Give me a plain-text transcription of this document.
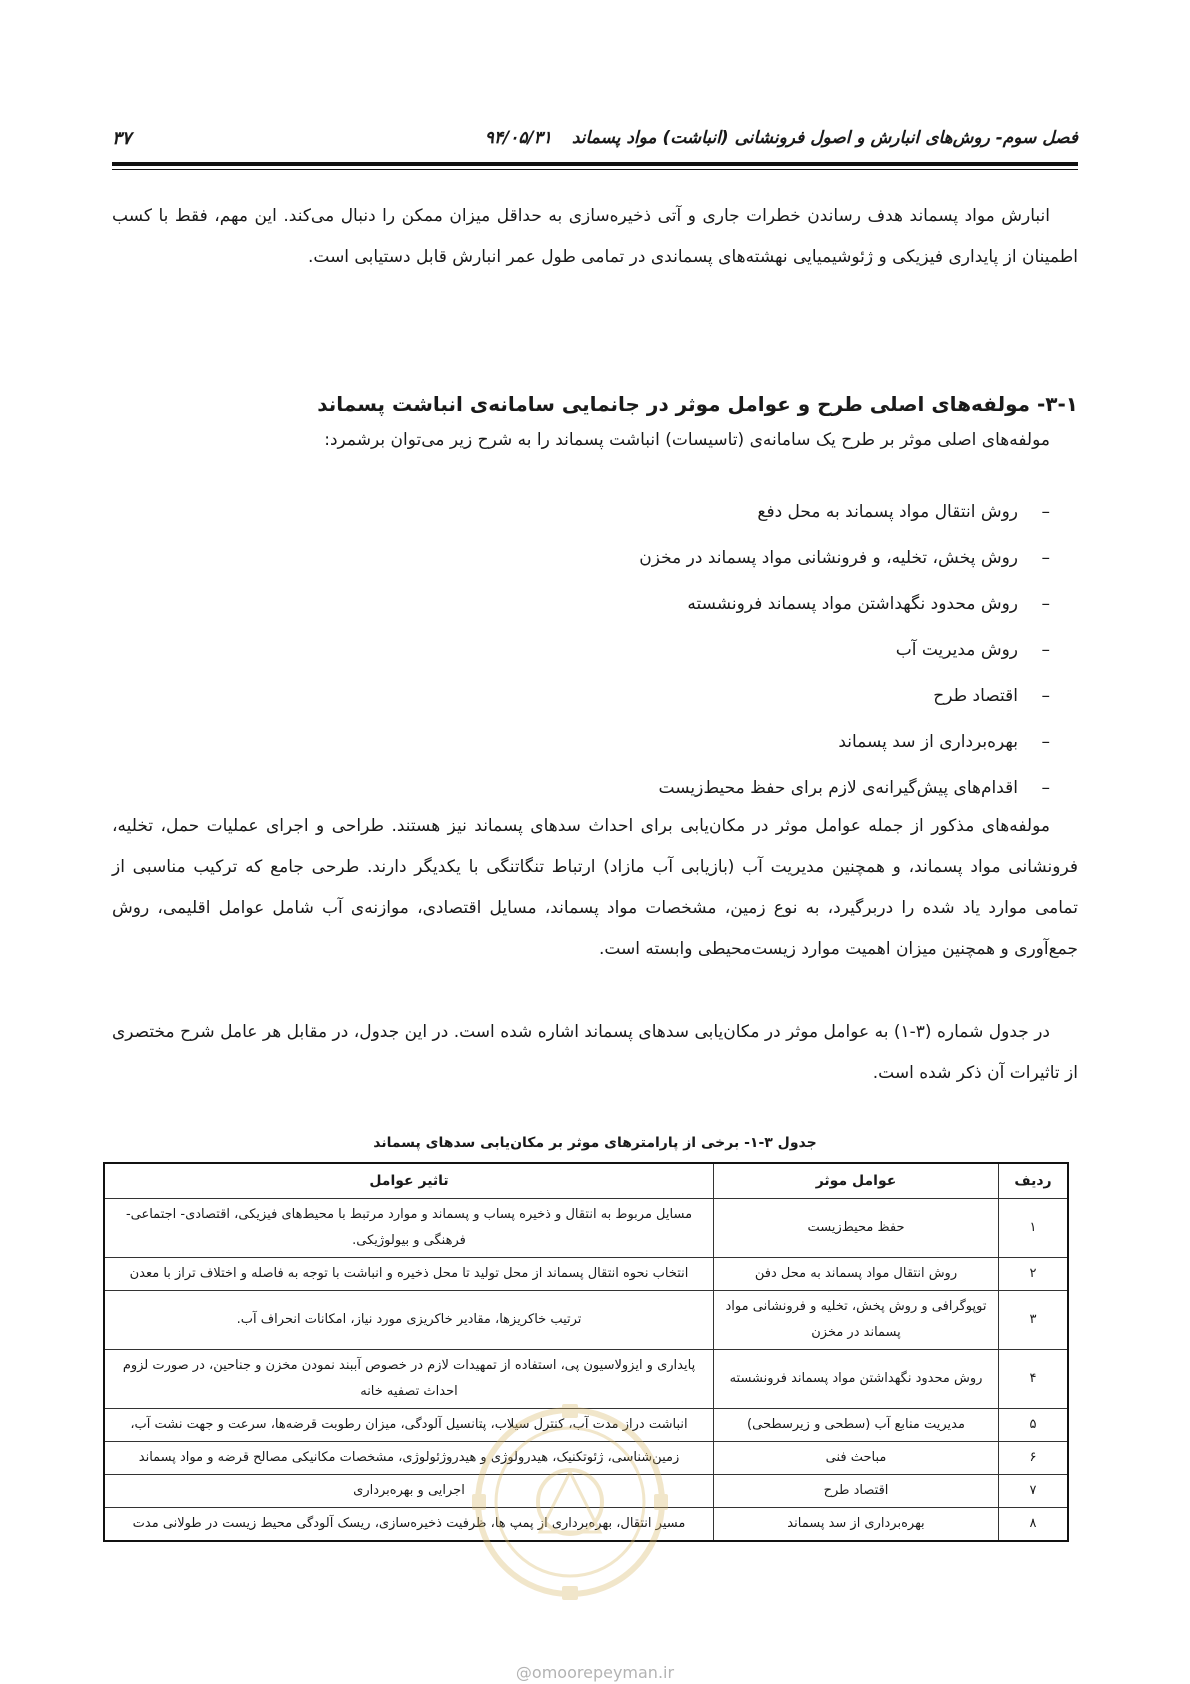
فصل سوم- روش‌های انبارش و اصول فرونشانی (انباشت) مواد پسماند ۹۴/۰۵/۳۱
۳۷
انبارش مواد پسماند هدف رساندن خطرات جاری و آتی ذخیره‌سازی به حداقل میزان ممکن را دنبال می‌کند. این مهم، فقط با کسب اطمینان از پایداری فیزیکی و ژئوشیمیایی نهشته‌های پسماندی در تمامی طول عمر انبارش قابل دستیابی است.
۳-۱- مولفه‌های اصلی طرح و عوامل موثر در جانمایی سامانه‌ی انباشت پسماند
مولفه‌های اصلی موثر بر طرح یک سامانه‌ی (تاسیسات) انباشت پسماند را به شرح زیر می‌توان برشمرد:
–روش انتقال مواد پسماند به محل دفع
–روش پخش، تخلیه، و فرونشانی مواد پسماند در مخزن
–روش محدود نگهداشتن مواد پسماند فرونشسته
–روش مدیریت آب
–اقتصاد طرح
–بهره‌برداری از سد پسماند
–اقدام‌های پیش‌گیرانه‌ی لازم برای حفظ محیط‌زیست
مولفه‌های مذکور از جمله عوامل موثر در مکان‌یابی برای احداث سدهای پسماند نیز هستند. طراحی و اجرای عملیات حمل، تخلیه، فرونشانی مواد پسماند، و همچنین مدیریت آب (بازیابی آب مازاد) ارتباط تنگاتنگی با یکدیگر دارند. طرحی جامع که ترکیب مناسبی از تمامی موارد یاد شده را دربرگیرد، به نوع زمین، مشخصات مواد پسماند، مسایل اقتصادی، موازنه‌ی آب شامل عوامل اقلیمی، روش جمع‌آوری و همچنین میزان اهمیت موارد زیست‌محیطی وابسته است.
در جدول شماره (۳-۱) به عوامل موثر در مکان‌یابی سدهای پسماند اشاره شده است. در این جدول، در مقابل هر عامل شرح مختصری از تاثیرات آن ذکر شده است.
جدول ۳-۱- برخی از پارامترهای موثر بر مکان‌یابی سدهای پسماند
ردیف	عوامل موثر	تاثیر عوامل
۱	حفظ محیط‌زیست	مسایل مربوط به انتقال و ذخیره پساب و پسماند و موارد مرتبط با محیط‌های فیزیکی، اقتصادی- اجتماعی- فرهنگی و بیولوژیکی.
۲	روش انتقال مواد پسماند به محل دفن	انتخاب نحوه انتقال پسماند از محل تولید تا محل ذخیره و انباشت با توجه به فاصله و اختلاف تراز با معدن
۳	توپوگرافی و روش پخش، تخلیه و فرونشانی مواد پسماند در مخزن	ترتیب خاکریزها، مقادیر خاکریزی مورد نیاز، امکانات انحراف آب.
۴	روش محدود نگهداشتن مواد پسماند فرونشسته	پایداری و ایزولاسیون پی، استفاده از تمهیدات لازم در خصوص آببند نمودن مخزن و جناحین، در صورت لزوم احداث تصفیه خانه
۵	مدیریت منابع آب (سطحی و زیرسطحی)	انباشت دراز مدت آب، کنترل سیلاب، پتانسیل آلودگی، میزان رطوبت قرضه‌ها، سرعت و جهت نشت آب،
۶	مباحث فنی	زمین‌شناسی، ژئوتکنیک، هیدرولوژی و هیدروژئولوژی، مشخصات مکانیکی مصالح قرضه و مواد پسماند
۷	اقتصاد طرح	اجرایی و بهره‌برداری
۸	بهره‌برداری از سد پسماند	مسیر انتقال، بهره‌برداری از پمپ ها، ظرفیت ذخیره‌سازی، ریسک آلودگی محیط زیست در طولانی مدت
@omoorepeyman.ir
